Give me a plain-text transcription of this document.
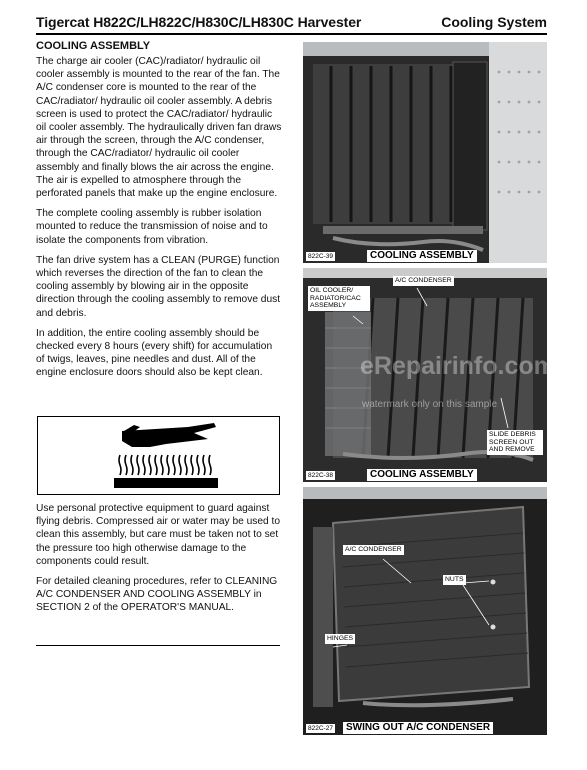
Tigercat H822C/LH822C/H830C/LH830C Harvester	Cooling System
COOLING ASSEMBLY

The charge air cooler (CAC)/radiator/ hydraulic oil cooler assembly is mounted to the rear of the fan. The A/C condenser core is mounted to the rear of the CAC/radiator/ hydraulic oil cooler assembly. A debris screen is used to protect the CAC/radiator/ hydraulic oil cooler assembly. The hydraulically driven fan draws air through the screen, through the A/C condenser, through the CAC/radiator/ hydraulic oil cooler assembly and finally blows the air across the engine. The air is expelled to atmosphere through the perforated panels that make up the engine enclosure.

The complete cooling assembly is rubber isolation mounted to reduce the transmission of noise and to isolate the components from vibration.

The fan drive system has a CLEAN (PURGE) function which reverses the direction of the fan to clean the cooling assembly by blowing air in the opposite direction through the cooling assembly to remove dust and debris.

In addition, the entire cooling assembly should be checked every 8 hours (every shift) for accumulation of twigs, leaves, pine needles and dust. All of the engine enclosure doors should also be kept clean.

Use personal protective equipment to guard against flying debris. Compressed air or water may be used to clean this assembly, but care must be taken not to set the pressure too high otherwise damage to the components could result.

For detailed cleaning procedures, refer to CLEANING A/C CONDENSER AND COOLING ASSEMBLY in SECTION 2 of the OPERATOR'S MANUAL.

822C-39	COOLING ASSEMBLY
A/C CONDENSER
OIL COOLER/ RADIATOR/CAC ASSEMBLY
SLIDE DEBRIS SCREEN OUT AND REMOVE
822C-38	COOLING ASSEMBLY
eRepairinfo.com
watermark only on this sample
A/C CONDENSER
NUTS
HINGES
822C-27	SWING OUT A/C CONDENSER
